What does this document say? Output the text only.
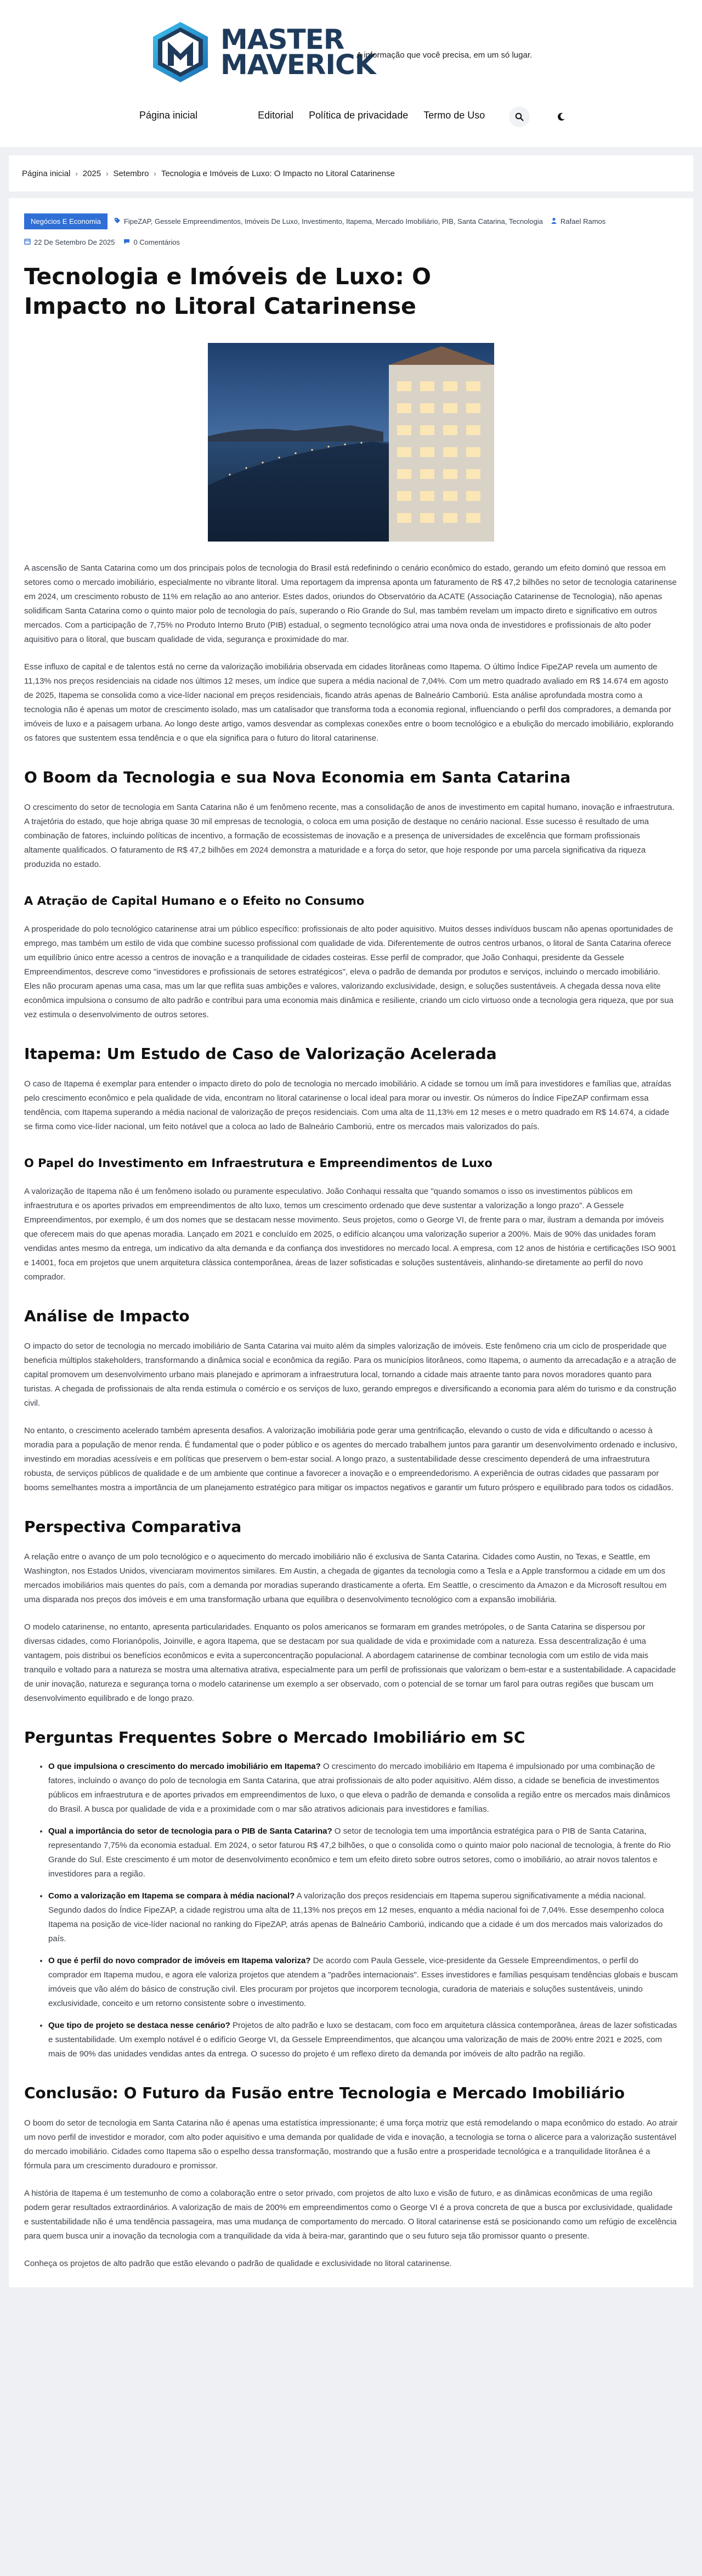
MASTER
MAVERICK
A informação que você precisa, em um só lugar.
Página inicial	Editorial Política de privacidade Termo de Uso
Página inicial › 2025 › Setembro › Tecnologia e Imóveis de Luxo: O Impacto no Litoral Catarinense
Negócios E Economia	FipeZAP, Gessele Empreendimentos, Imóveis De Luxo, Investimento, Itapema, Mercado Imobiliário, PIB, Santa Catarina, Tecnologia Rafael Ramos
22 De Setembro De 2025	0 Comentários
Tecnologia e Imóveis de Luxo: O Impacto no Litoral Catarinense

A ascensão de Santa Catarina como um dos principais polos de tecnologia do Brasil está redefinindo o cenário econômico do estado, gerando um efeito dominó que ressoa em setores como o mercado imobiliário, especialmente no vibrante litoral. Uma reportagem da imprensa aponta um faturamento de R$ 47,2 bilhões no setor de tecnologia catarinense em 2024, um crescimento robusto de 11% em relação ao ano anterior. Estes dados, oriundos do Observatório da ACATE (Associação Catarinense de Tecnologia), não apenas solidificam Santa Catarina como o quinto maior polo de tecnologia do país, superando o Rio Grande do Sul, mas também revelam um impacto direto e significativo em outros mercados. Com a participação de 7,75% no Produto Interno Bruto (PIB) estadual, o segmento tecnológico atrai uma nova onda de investidores e profissionais de alto poder aquisitivo para o litoral, que buscam qualidade de vida, segurança e proximidade do mar.

Esse influxo de capital e de talentos está no cerne da valorização imobiliária observada em cidades litorâneas como Itapema. O último Índice FipeZAP revela um aumento de 11,13% nos preços residenciais na cidade nos últimos 12 meses, um índice que supera a média nacional de 7,04%. Com um metro quadrado avaliado em R$ 14.674 em agosto de 2025, Itapema se consolida como a vice-líder nacional em preços residenciais, ficando atrás apenas de Balneário Camboriú. Esta análise aprofundada mostra como a tecnologia não é apenas um motor de crescimento isolado, mas um catalisador que transforma toda a economia regional, influenciando o perfil dos compradores, a demanda por imóveis de luxo e a paisagem urbana. Ao longo deste artigo, vamos desvendar as complexas conexões entre o boom tecnológico e a ebulição do mercado imobiliário, explorando os fatores que sustentem essa tendência e o que ela significa para o futuro do litoral catarinense.

O Boom da Tecnologia e sua Nova Economia em Santa Catarina

O crescimento do setor de tecnologia em Santa Catarina não é um fenômeno recente, mas a consolidação de anos de investimento em capital humano, inovação e infraestrutura. A trajetória do estado, que hoje abriga quase 30 mil empresas de tecnologia, o coloca em uma posição de destaque no cenário nacional. Esse sucesso é resultado de uma combinação de fatores, incluindo políticas de incentivo, a formação de ecossistemas de inovação e a presença de universidades de excelência que formam profissionais altamente qualificados. O faturamento de R$ 47,2 bilhões em 2024 demonstra a maturidade e a força do setor, que hoje responde por uma parcela significativa da riqueza produzida no estado.

A Atração de Capital Humano e o Efeito no Consumo

A prosperidade do polo tecnológico catarinense atrai um público específico: profissionais de alto poder aquisitivo. Muitos desses indivíduos buscam não apenas oportunidades de emprego, mas também um estilo de vida que combine sucesso profissional com qualidade de vida. Diferentemente de outros centros urbanos, o litoral de Santa Catarina oferece um equilíbrio único entre acesso a centros de inovação e a tranquilidade de cidades costeiras. Esse perfil de comprador, que João Conhaqui, presidente da Gessele Empreendimentos, descreve como "investidores e profissionais de setores estratégicos", eleva o padrão de demanda por produtos e serviços, incluindo o mercado imobiliário. Eles não procuram apenas uma casa, mas um lar que reflita suas ambições e valores, valorizando exclusividade, design, e soluções sustentáveis. A chegada dessa nova elite econômica impulsiona o consumo de alto padrão e contribui para uma economia mais dinâmica e resiliente, criando um ciclo virtuoso onde a tecnologia gera riqueza, que por sua vez estimula o desenvolvimento de outros setores.

Itapema: Um Estudo de Caso de Valorização Acelerada

O caso de Itapema é exemplar para entender o impacto direto do polo de tecnologia no mercado imobiliário. A cidade se tornou um ímã para investidores e famílias que, atraídas pelo crescimento econômico e pela qualidade de vida, encontram no litoral catarinense o local ideal para morar ou investir. Os números do Índice FipeZAP confirmam essa tendência, com Itapema superando a média nacional de valorização de preços residenciais. Com uma alta de 11,13% em 12 meses e o metro quadrado em R$ 14.674, a cidade se firma como vice-líder nacional, um feito notável que a coloca ao lado de Balneário Camboriú, entre os mercados mais valorizados do país.

O Papel do Investimento em Infraestrutura e Empreendimentos de Luxo

A valorização de Itapema não é um fenômeno isolado ou puramente especulativo. João Conhaqui ressalta que "quando somamos o isso os investimentos públicos em infraestrutura e os aportes privados em empreendimentos de alto luxo, temos um crescimento ordenado que deve sustentar a valorização a longo prazo". A Gessele Empreendimentos, por exemplo, é um dos nomes que se destacam nesse movimento. Seus projetos, como o George VI, de frente para o mar, ilustram a demanda por imóveis que oferecem mais do que apenas moradia. Lançado em 2021 e concluído em 2025, o edifício alcançou uma valorização superior a 200%. Mais de 90% das unidades foram vendidas antes mesmo da entrega, um indicativo da alta demanda e da confiança dos investidores no mercado local. A empresa, com 12 anos de história e certificações ISO 9001 e 14001, foca em projetos que unem arquitetura clássica contemporânea, áreas de lazer sofisticadas e soluções sustentáveis, alinhando-se diretamente ao perfil do novo comprador.

Análise de Impacto

O impacto do setor de tecnologia no mercado imobiliário de Santa Catarina vai muito além da simples valorização de imóveis. Este fenômeno cria um ciclo de prosperidade que beneficia múltiplos stakeholders, transformando a dinâmica social e econômica da região. Para os municípios litorâneos, como Itapema, o aumento da arrecadação e a atração de capital promovem um desenvolvimento urbano mais planejado e aprimoram a infraestrutura local, tornando a cidade mais atraente tanto para novos moradores quanto para turistas. A chegada de profissionais de alta renda estimula o comércio e os serviços de luxo, gerando empregos e diversificando a economia para além do turismo e da construção civil.

No entanto, o crescimento acelerado também apresenta desafios. A valorização imobiliária pode gerar uma gentrificação, elevando o custo de vida e dificultando o acesso à moradia para a população de menor renda. É fundamental que o poder público e os agentes do mercado trabalhem juntos para garantir um desenvolvimento ordenado e inclusivo, investindo em moradias acessíveis e em políticas que preservem o bem-estar social. A longo prazo, a sustentabilidade desse crescimento dependerá de uma infraestrutura robusta, de serviços públicos de qualidade e de um ambiente que continue a favorecer a inovação e o empreendedorismo. A experiência de outras cidades que passaram por booms semelhantes mostra a importância de um planejamento estratégico para mitigar os impactos negativos e garantir um futuro próspero e equilibrado para todos os cidadãos.

Perspectiva Comparativa

A relação entre o avanço de um polo tecnológico e o aquecimento do mercado imobiliário não é exclusiva de Santa Catarina. Cidades como Austin, no Texas, e Seattle, em Washington, nos Estados Unidos, vivenciaram movimentos similares. Em Austin, a chegada de gigantes da tecnologia como a Tesla e a Apple transformou a cidade em um dos mercados imobiliários mais quentes do país, com a demanda por moradias superando drasticamente a oferta. Em Seattle, o crescimento da Amazon e da Microsoft resultou em uma disparada nos preços dos imóveis e em uma transformação urbana que equilibra o desenvolvimento tecnológico com a expansão imobiliária.

O modelo catarinense, no entanto, apresenta particularidades. Enquanto os polos americanos se formaram em grandes metrópoles, o de Santa Catarina se dispersou por diversas cidades, como Florianópolis, Joinville, e agora Itapema, que se destacam por sua qualidade de vida e proximidade com a natureza. Essa descentralização é uma vantagem, pois distribui os benefícios econômicos e evita a superconcentração populacional. A abordagem catarinense de combinar tecnologia com um estilo de vida mais tranquilo e voltado para a natureza se mostra uma alternativa atrativa, especialmente para um perfil de profissionais que valorizam o bem-estar e a sustentabilidade. A capacidade de unir inovação, natureza e segurança torna o modelo catarinense um exemplo a ser observado, com o potencial de se tornar um farol para outras regiões que buscam um desenvolvimento equilibrado e de longo prazo.

Perguntas Frequentes Sobre o Mercado Imobiliário em SC
• O que impulsiona o crescimento do mercado imobiliário em Itapema? O crescimento do mercado imobiliário em Itapema é impulsionado por uma combinação de fatores, incluindo o avanço do polo de tecnologia em Santa Catarina, que atrai profissionais de alto poder aquisitivo. Além disso, a cidade se beneficia de investimentos públicos em infraestrutura e de aportes privados em empreendimentos de luxo, o que eleva o padrão de demanda e consolida a região entre os mercados mais dinâmicos do Brasil. A busca por qualidade de vida e a proximidade com o mar são atrativos adicionais para investidores e famílias.
• Qual a importância do setor de tecnologia para o PIB de Santa Catarina? O setor de tecnologia tem uma importância estratégica para o PIB de Santa Catarina, representando 7,75% da economia estadual. Em 2024, o setor faturou R$ 47,2 bilhões, o que o consolida como o quinto maior polo nacional de tecnologia, à frente do Rio Grande do Sul. Este crescimento é um motor de desenvolvimento econômico e tem um efeito direto sobre outros setores, como o imobiliário, ao atrair novos talentos e investidores para a região.
• Como a valorização em Itapema se compara à média nacional? A valorização dos preços residenciais em Itapema superou significativamente a média nacional. Segundo dados do Índice FipeZAP, a cidade registrou uma alta de 11,13% nos preços em 12 meses, enquanto a média nacional foi de 7,04%. Esse desempenho coloca Itapema na posição de vice-líder nacional no ranking do FipeZAP, atrás apenas de Balneário Camboriú, indicando que a cidade é um dos mercados mais valorizados do país.
• O que é perfil do novo comprador de imóveis em Itapema valoriza? De acordo com Paula Gessele, vice-presidente da Gessele Empreendimentos, o perfil do comprador em Itapema mudou, e agora ele valoriza projetos que atendem a "padrões internacionais". Esses investidores e famílias pesquisam tendências globais e buscam imóveis que vão além do básico de construção civil. Eles procuram por projetos que incorporem tecnologia, curadoria de materiais e soluções sustentáveis, unindo exclusividade, conceito e um retorno consistente sobre o investimento.
• Que tipo de projeto se destaca nesse cenário? Projetos de alto padrão e luxo se destacam, com foco em arquitetura clássica contemporânea, áreas de lazer sofisticadas e sustentabilidade. Um exemplo notável é o edifício George VI, da Gessele Empreendimentos, que alcançou uma valorização de mais de 200% entre 2021 e 2025, com mais de 90% das unidades vendidas antes da entrega. O sucesso do projeto é um reflexo direto da demanda por imóveis de alto padrão na região.
Conclusão: O Futuro da Fusão entre Tecnologia e Mercado Imobiliário

O boom do setor de tecnologia em Santa Catarina não é apenas uma estatística impressionante; é uma força motriz que está remodelando o mapa econômico do estado. Ao atrair um novo perfil de investidor e morador, com alto poder aquisitivo e uma demanda por qualidade de vida e inovação, a tecnologia se torna o alicerce para a valorização sustentável do mercado imobiliário. Cidades como Itapema são o espelho dessa transformação, mostrando que a fusão entre a prosperidade tecnológica e a tranquilidade litorânea é a fórmula para um crescimento duradouro e promissor.

A história de Itapema é um testemunho de como a colaboração entre o setor privado, com projetos de alto luxo e visão de futuro, e as dinâmicas econômicas de uma região podem gerar resultados extraordinários. A valorização de mais de 200% em empreendimentos como o George VI é a prova concreta de que a busca por exclusividade, qualidade e sustentabilidade não é uma tendência passageira, mas uma mudança de comportamento do mercado. O litoral catarinense está se posicionando como um refúgio de excelência para quem busca unir a inovação da tecnologia com a tranquilidade da vida à beira-mar, garantindo que o seu futuro seja tão promissor quanto o presente.

Conheça os projetos de alto padrão que estão elevando o padrão de qualidade e exclusividade no litoral catarinense.
